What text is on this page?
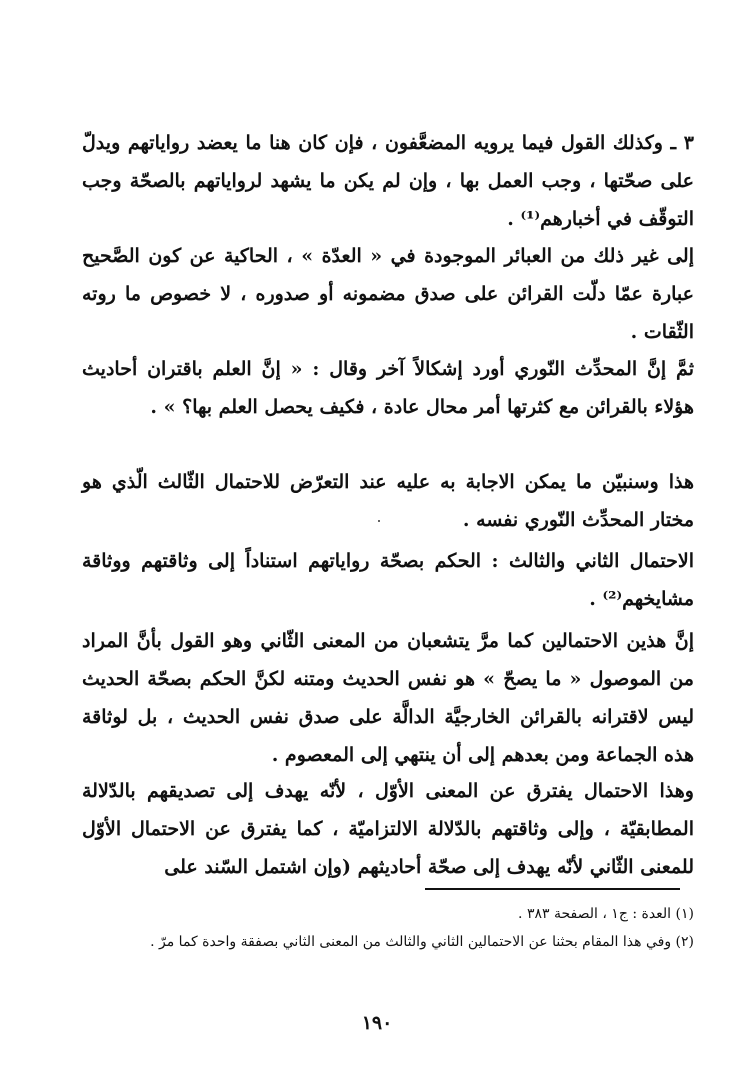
٣ ـ وكذلك القول فيما يرويه المضعَّفون ، فإن كان هنا ما يعضد رواياتهم ويدلّ على صحّتها ، وجب العمل بها ، وإن لم يكن ما يشهد لرواياتهم بالصحّة وجب التوقّف في أخبارهم⁽¹⁾ .

إلى غير ذلك من العبائر الموجودة في « العدّة » ، الحاكية عن كون الصَّحيح عبارة عمّا دلّت القرائن على صدق مضمونه أو صدوره ، لا خصوص ما روته الثّقات .

ثمَّ إنَّ المحدِّث النّوري أورد إشكالاً آخر وقال : « إنَّ العلم باقتران أحاديث هؤلاء بالقرائن مع كثرتها أمر محال عادة ، فكيف يحصل العلم بها؟ » .

هذا وسنبيّن ما يمكن الاجابة به عليه عند التعرّض للاحتمال الثّالث الّذي هو مختار المحدِّث النّوري نفسه .

الاحتمال الثاني والثالث : الحكم بصحّة رواياتهم استناداً إلى وثاقتهم ووثاقة مشايخهم⁽²⁾ .

إنَّ هذين الاحتمالين كما مرَّ يتشعبان من المعنى الثّاني وهو القول بأنَّ المراد من الموصول « ما يصحّ » هو نفس الحديث ومتنه لكنَّ الحكم بصحّة الحديث ليس لاقترانه بالقرائن الخارجيَّة الدالَّة على صدق نفس الحديث ، بل لوثاقة هذه الجماعة ومن بعدهم إلى أن ينتهي إلى المعصوم .

وهذا الاحتمال يفترق عن المعنى الأوّل ، لأنّه يهدف إلى تصديقهم بالدّلالة المطابقيّة ، وإلى وثاقتهم بالدّلالة الالتزاميّة ، كما يفترق عن الاحتمال الأوّل للمعنى الثّاني لأنّه يهدف إلى صحّة أحاديثهم (وإن اشتمل السّند على

(١) العدة : ج١ ، الصفحة ٣٨٣ .

(٢) وفي هذا المقام بحثنا عن الاحتمالين الثاني والثالث من المعنى الثاني بصفقة واحدة كما مرّ .

١٩٠
